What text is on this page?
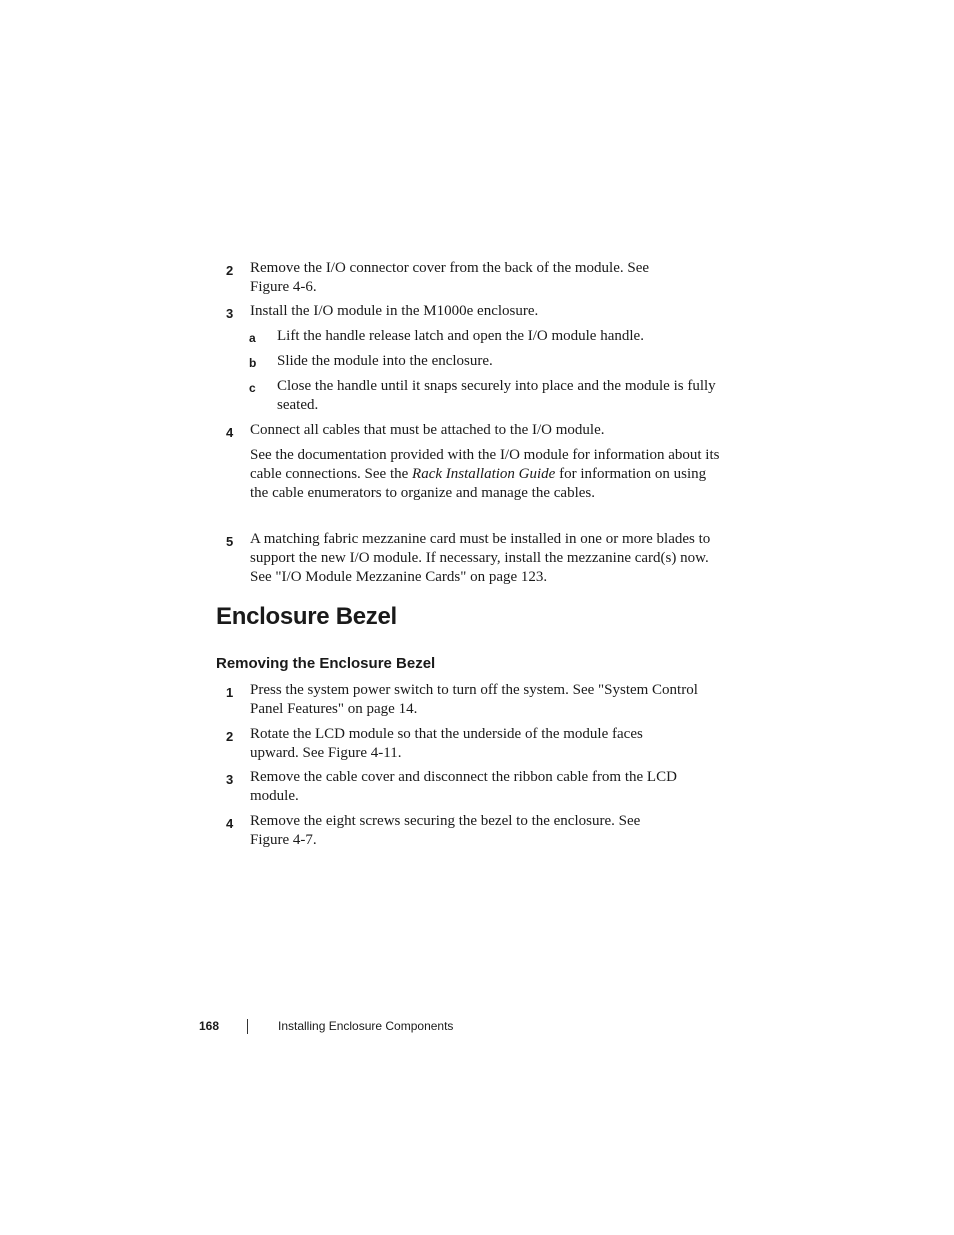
2 Remove the I/O connector cover from the back of the module. See Figure 4-6.
3 Install the I/O module in the M1000e enclosure.
a Lift the handle release latch and open the I/O module handle.
b Slide the module into the enclosure.
c Close the handle until it snaps securely into place and the module is fully seated.
4 Connect all cables that must be attached to the I/O module.
See the documentation provided with the I/O module for information about its cable connections. See the Rack Installation Guide for information on using the cable enumerators to organize and manage the cables.
5 A matching fabric mezzanine card must be installed in one or more blades to support the new I/O module. If necessary, install the mezzanine card(s) now. See "I/O Module Mezzanine Cards" on page 123.
Enclosure Bezel
Removing the Enclosure Bezel
1 Press the system power switch to turn off the system. See "System Control Panel Features" on page 14.
2 Rotate the LCD module so that the underside of the module faces upward. See Figure 4-11.
3 Remove the cable cover and disconnect the ribbon cable from the LCD module.
4 Remove the eight screws securing the bezel to the enclosure. See Figure 4-7.
168	Installing Enclosure Components
